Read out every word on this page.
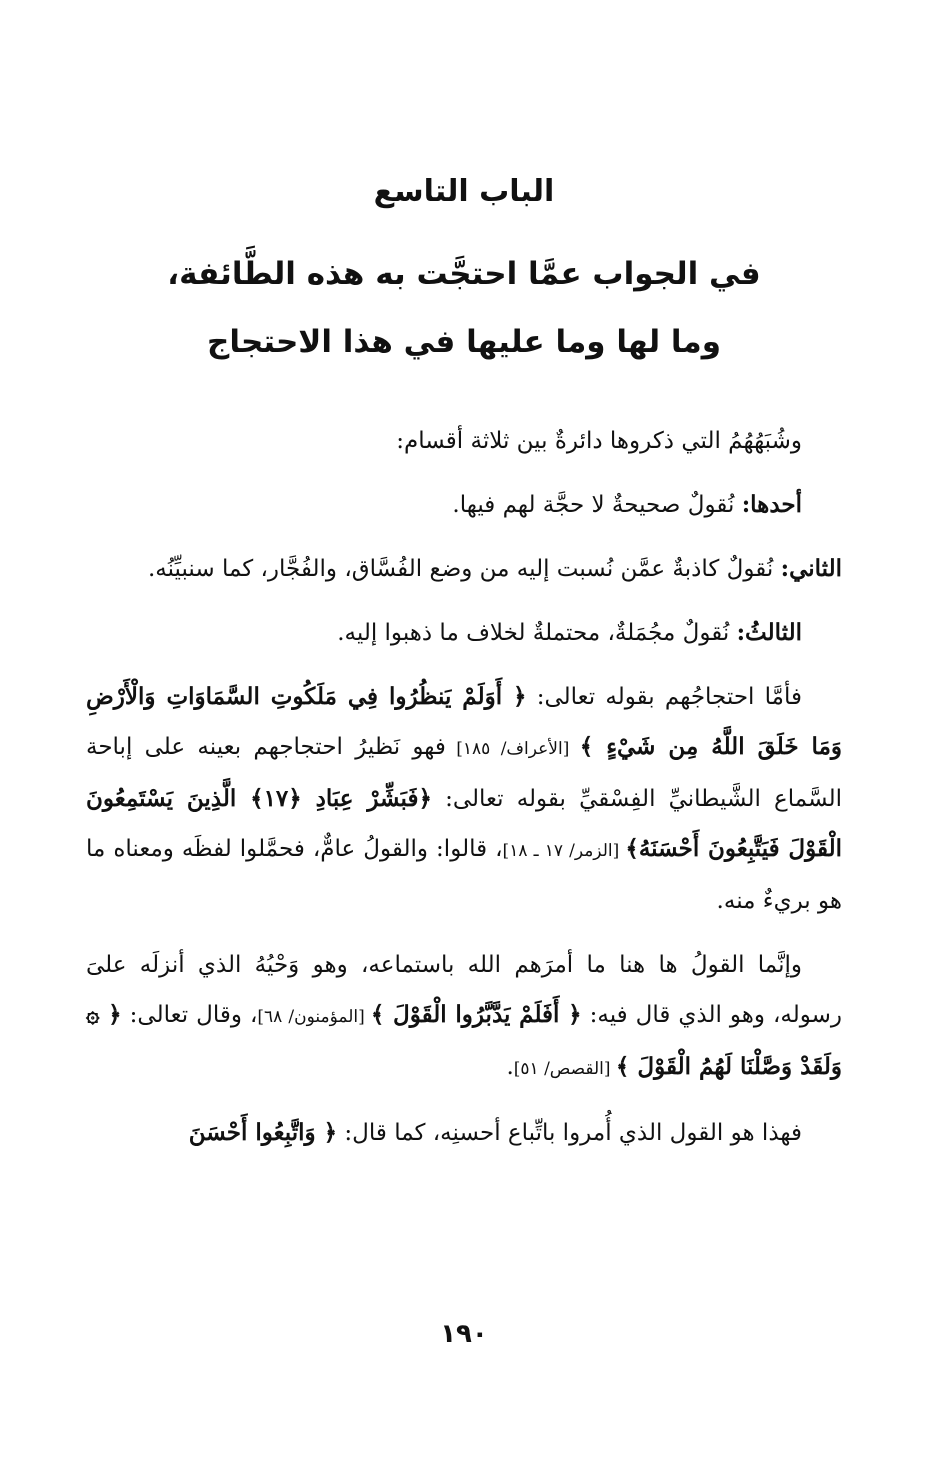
الباب التاسع
في الجواب عمَّا احتجَّت به هذه الطَّائفة،
وما لها وما عليها في هذا الاحتجاج

وشُبَهُهُمُ التي ذكروها دائرةٌ بين ثلاثة أقسام:

أحدها: نُقولٌ صحيحةٌ لا حجَّة لهم فيها.

الثاني: نُقولٌ كاذبةٌ عمَّن نُسبت إليه من وضع الفُسَّاق، والفُجَّار، كما سنبيِّنُه.

الثالثُ: نُقولٌ مجُمَلةٌ، محتملةٌ لخلاف ما ذهبوا إليه.

فأمَّا احتجاجُهم بقوله تعالى: ﴿ أَوَلَمْ يَنظُرُوا فِي مَلَكُوتِ السَّمَاوَاتِ وَالْأَرْضِ وَمَا خَلَقَ اللَّهُ مِن شَيْءٍ ﴾ [الأعراف/ ١٨٥] فهو نَظيرُ احتجاجهم بعينه على إباحة السَّماع الشَّيطانيِّ الفِسْقيِّ بقوله تعالى: ﴿فَبَشِّرْ عِبَادِ ﴿١٧﴾ الَّذِينَ يَسْتَمِعُونَ الْقَوْلَ فَيَتَّبِعُونَ أَحْسَنَهُ﴾ [الزمر/ ١٧ ـ ١٨]، قالوا: والقولُ عامٌّ، فحمَّلوا لفظَه ومعناه ما هو بريءٌ منه.

وإنَّما القولُ ها هنا ما أمرَهم الله باستماعه، وهو وَحْيُهُ الذي أنزلَه علىَ رسوله، وهو الذي قال فيه: ﴿ أَفَلَمْ يَدَّبَّرُوا الْقَوْلَ ﴾ [المؤمنون/ ٦٨]، وقال تعالى: ﴿ ۞ وَلَقَدْ وَصَّلْنَا لَهُمُ الْقَوْلَ ﴾ [القصص/ ٥١].

فهذا هو القول الذي أُمروا باتِّباع أحسنِه، كما قال: ﴿ وَاتَّبِعُوا أَحْسَنَ

١٩٠
